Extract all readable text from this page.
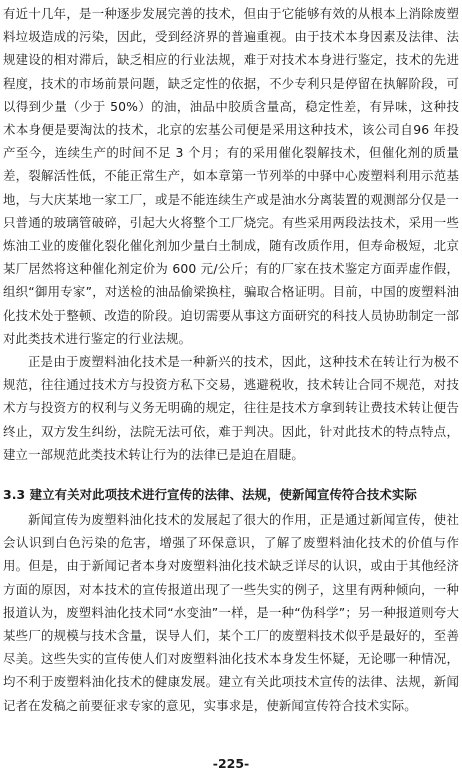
有近十几年，是一种逐步发展完善的技术，但由于它能够有效的从根本上消除废塑料垃圾造成的污染，因此，受到经济界的普遍重视。由于技术本身因素及法律、法规建设的相对滞后，缺乏相应的行业法规，难于对技术本身进行鉴定，技术的先进程度，技术的市场前景问题，缺乏定性的依据，不少专利只是停留在执解阶段，可以得到少量（少于 50%）的油，油品中胶质含量高，稳定性差，有异味，这种技术本身便是要淘汰的技术，北京的宏基公司便是采用这种技术，该公司自96 年投产至今，连续生产的时间不足 3 个月；有的采用催化裂解技术，但催化剂的质量差，裂解活性低，不能正常生产，如本章第一节列举的中驿中心废塑料利用示范基地，与大庆某地一家工厂，或是不能连续生产或是油水分离装置的观测部分仅是一只普通的玻璃管破碎，引起大火将整个工厂烧完。有些采用两段法技术，采用一些炼油工业的废催化裂化催化剂加少量白土制成，随有改质作用，但寿命极短，北京某厂居然将这种催化剂定价为 600 元/公斤；有的厂家在技术鉴定方面弄虚作假，组织“御用专家”，对送检的油品偷梁换柱，骗取合格证明。目前，中国的废塑料油化技术处于整顿、改造的阶段。迫切需要从事这方面研究的科技人员协助制定一部对此类技术进行鉴定的行业法规。

正是由于废塑料油化技术是一种新兴的技术，因此，这种技术在转让行为极不规范，往往通过技术方与投资方私下交易，逃避税收，技术转让合同不规范，对技术方与投资方的权利与义务无明确的规定，往往是技术方拿到转让费技术转让便告终止，双方发生纠纷，法院无法可依，难于判决。因此，针对此技术的特点特点，建立一部规范此类技术转让行为的法律已是迫在眉睫。

3.3 建立有关对此项技术进行宣传的法律、法规，使新闻宣传符合技术实际

新闻宣传为废塑料油化技术的发展起了很大的作用，正是通过新闻宣传，使社会认识到白色污染的危害，增强了环保意识，了解了废塑料油化技术的价值与作用。但是，由于新闻记者本身对废塑料油化技术缺乏详尽的认识，或由于其他经济方面的原因，对本技术的宣传报道出现了一些失实的例子，这里有两种倾向，一种报道认为，废塑料油化技术同“水变油”一样，是一种“伪科学”；另一种报道则夸大某些厂的规模与技术含量，误导人们，某个工厂的废塑料技术似乎是最好的，至善尽美。这些失实的宣传使人们对废塑料油化技术本身发生怀疑，无论哪一种情况，均不利于废塑料油化技术的健康发展。建立有关此项技术宣传的法律、法规，新闻记者在发稿之前要征求专家的意见，实事求是，使新闻宣传符合技术实际。

-225-
